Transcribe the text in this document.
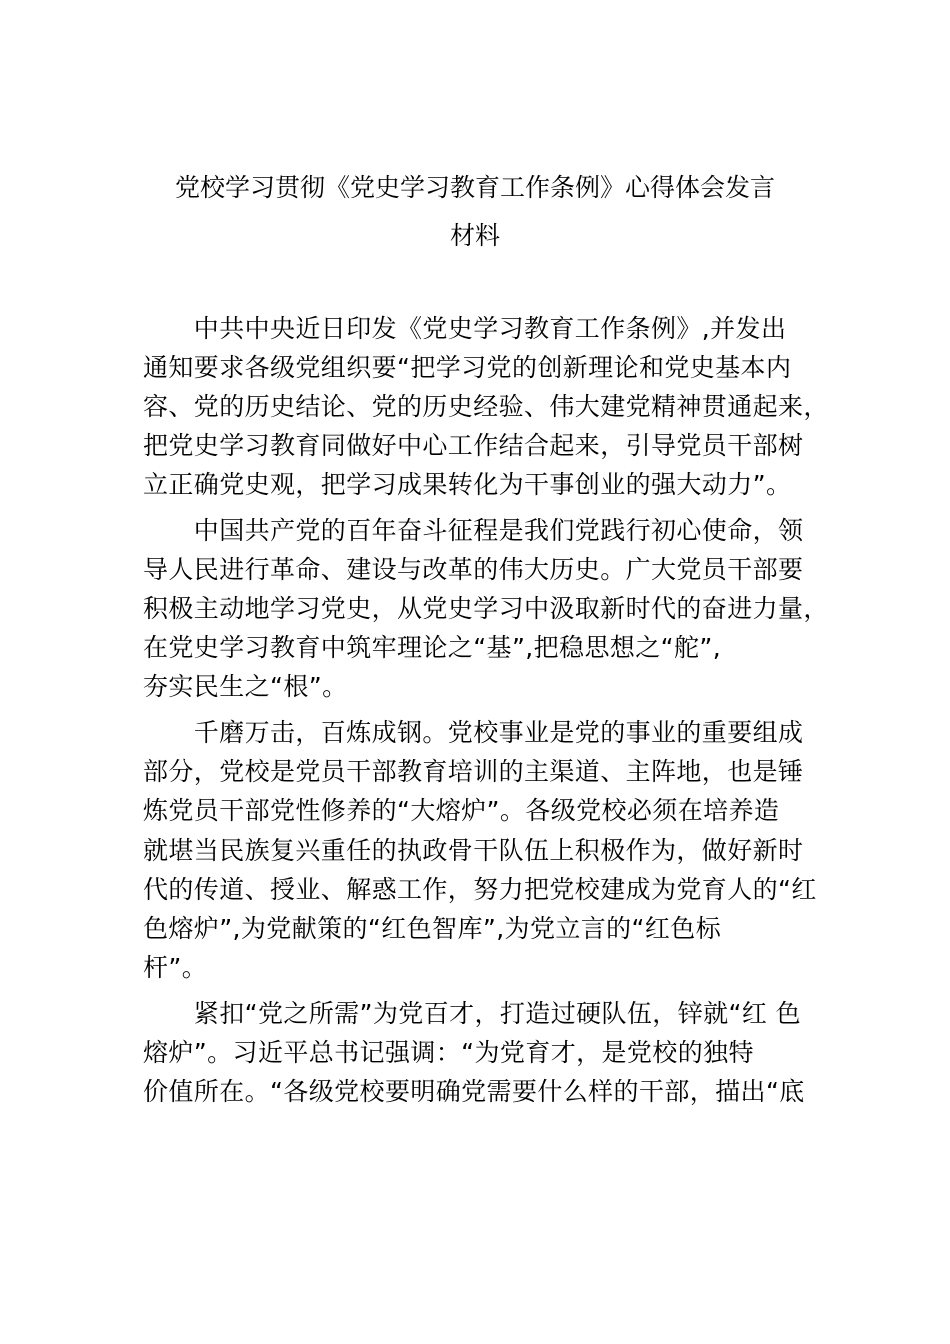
党校学习贯彻《党史学习教育工作条例》心得体会发言
材料
　　中共中央近日印发《党史学习教育工作条例》,并发出
通知要求各级党组织要“把学习党的创新理论和党史基本内
容、党的历史结论、党的历史经验、伟大建党精神贯通起来，
把党史学习教育同做好中心工作结合起来，引导党员干部树
立正确党史观，把学习成果转化为干事创业的强大动力”。
　　中国共产党的百年奋斗征程是我们党践行初心使命，领
导人民进行革命、建设与改革的伟大历史。广大党员干部要
积极主动地学习党史，从党史学习中汲取新时代的奋进力量，
在党史学习教育中筑牢理论之“基”,把稳思想之“舵”,
夯实民生之“根”。
　　千磨万击，百炼成钢。党校事业是党的事业的重要组成
部分，党校是党员干部教育培训的主渠道、主阵地，也是锤
炼党员干部党性修养的“大熔炉”。各级党校必须在培养造
就堪当民族复兴重任的执政骨干队伍上积极作为，做好新时
代的传道、授业、解惑工作，努力把党校建成为党育人的“红
色熔炉”,为党献策的“红色智库”,为党立言的“红色标
杆”。
　　紧扣“党之所需”为党百才，打造过硬队伍，锌就“红 色
熔炉”。习近平总书记强调：“为党育才，是党校的独特
价值所在。“各级党校要明确党需要什么样的干部，描出“底
